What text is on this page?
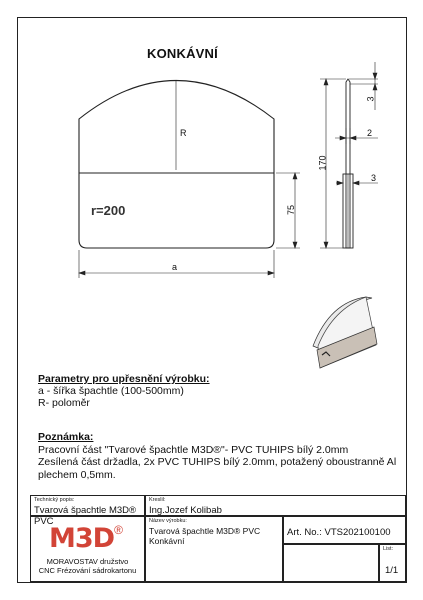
KONKÁVNÍ
R
r=200
a
75
170
3
2
3
Parametry pro upřesnění výrobku:
a - šířka špachtle (100-500mm)
R- poloměr
Poznámka:
Pracovní část "Tvarové špachtle M3D®"- PVC TUHIPS bílý 2.0mm
Zesílená část držadla, 2x PVC TUHIPS bílý 2.0mm, potažený oboustranně Al
plechem 0,5mm.
Technický popis:
Tvarová špachtle M3D® PVC
M3D®
MORAVOSTAV družstvo
CNC Frézování sádrokartonu
Kreslil:
Ing.Jozef Kolibab
Název výrobku:
Tvarová špachtle M3D® PVC
Konkávní
Art. No.: VTS202100100
List:
1/1
